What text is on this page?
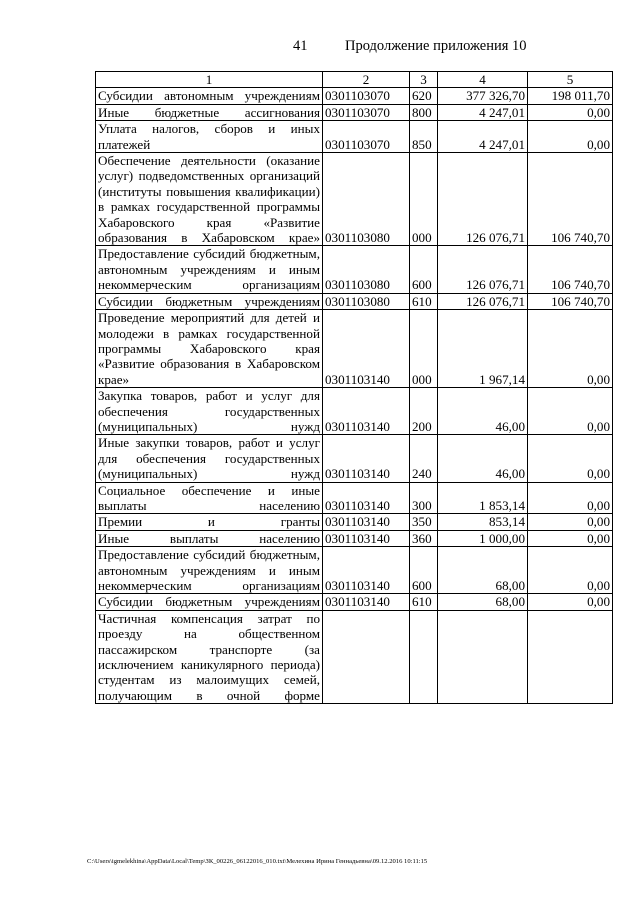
41	Продолжение приложения 10
1	2	3	4	5
Субсидии автономным учреждениям	0301103070	620	377 326,70	198 011,70
Иные бюджетные ассигнования	0301103070	800	4 247,01	0,00
Уплата налогов, сборов и иных платежей	0301103070	850	4 247,01	0,00
Обеспечение деятельности (оказание услуг) подведомственных организаций (институты повышения квалификации) в рамках государственной программы Хабаровского края «Развитие образования в Хабаровском крае»	0301103080	000	126 076,71	106 740,70
Предоставление субсидий бюджетным, автономным учреждениям и иным некоммерческим организациям	0301103080	600	126 076,71	106 740,70
Субсидии бюджетным учреждениям	0301103080	610	126 076,71	106 740,70
Проведение мероприятий для детей и молодежи в рамках государственной программы Хабаровского края «Развитие образования в Хабаровском крае»	0301103140	000	1 967,14	0,00
Закупка товаров, работ и услуг для обеспечения государственных (муниципальных) нужд	0301103140	200	46,00	0,00
Иные закупки товаров, работ и услуг для обеспечения государственных (муниципальных) нужд	0301103140	240	46,00	0,00
Социальное обеспечение и иные выплаты населению	0301103140	300	1 853,14	0,00
Премии и гранты	0301103140	350	853,14	0,00
Иные выплаты населению	0301103140	360	1 000,00	0,00
Предоставление субсидий бюджетным, автономным учреждениям и иным некоммерческим организациям	0301103140	600	68,00	0,00
Субсидии бюджетным учреждениям	0301103140	610	68,00	0,00
Частичная компенсация затрат по проезду на общественном пассажирском транспорте (за исключением каникулярного периода) студентам из малоимущих семей, получающим в очной форме				
C:\Users\igmelekhina\AppData\Local\Temp\ЗК_00226_06122016_010.txt\Мелехина Ирина Геннадьевна\09.12.2016 10:11:15
